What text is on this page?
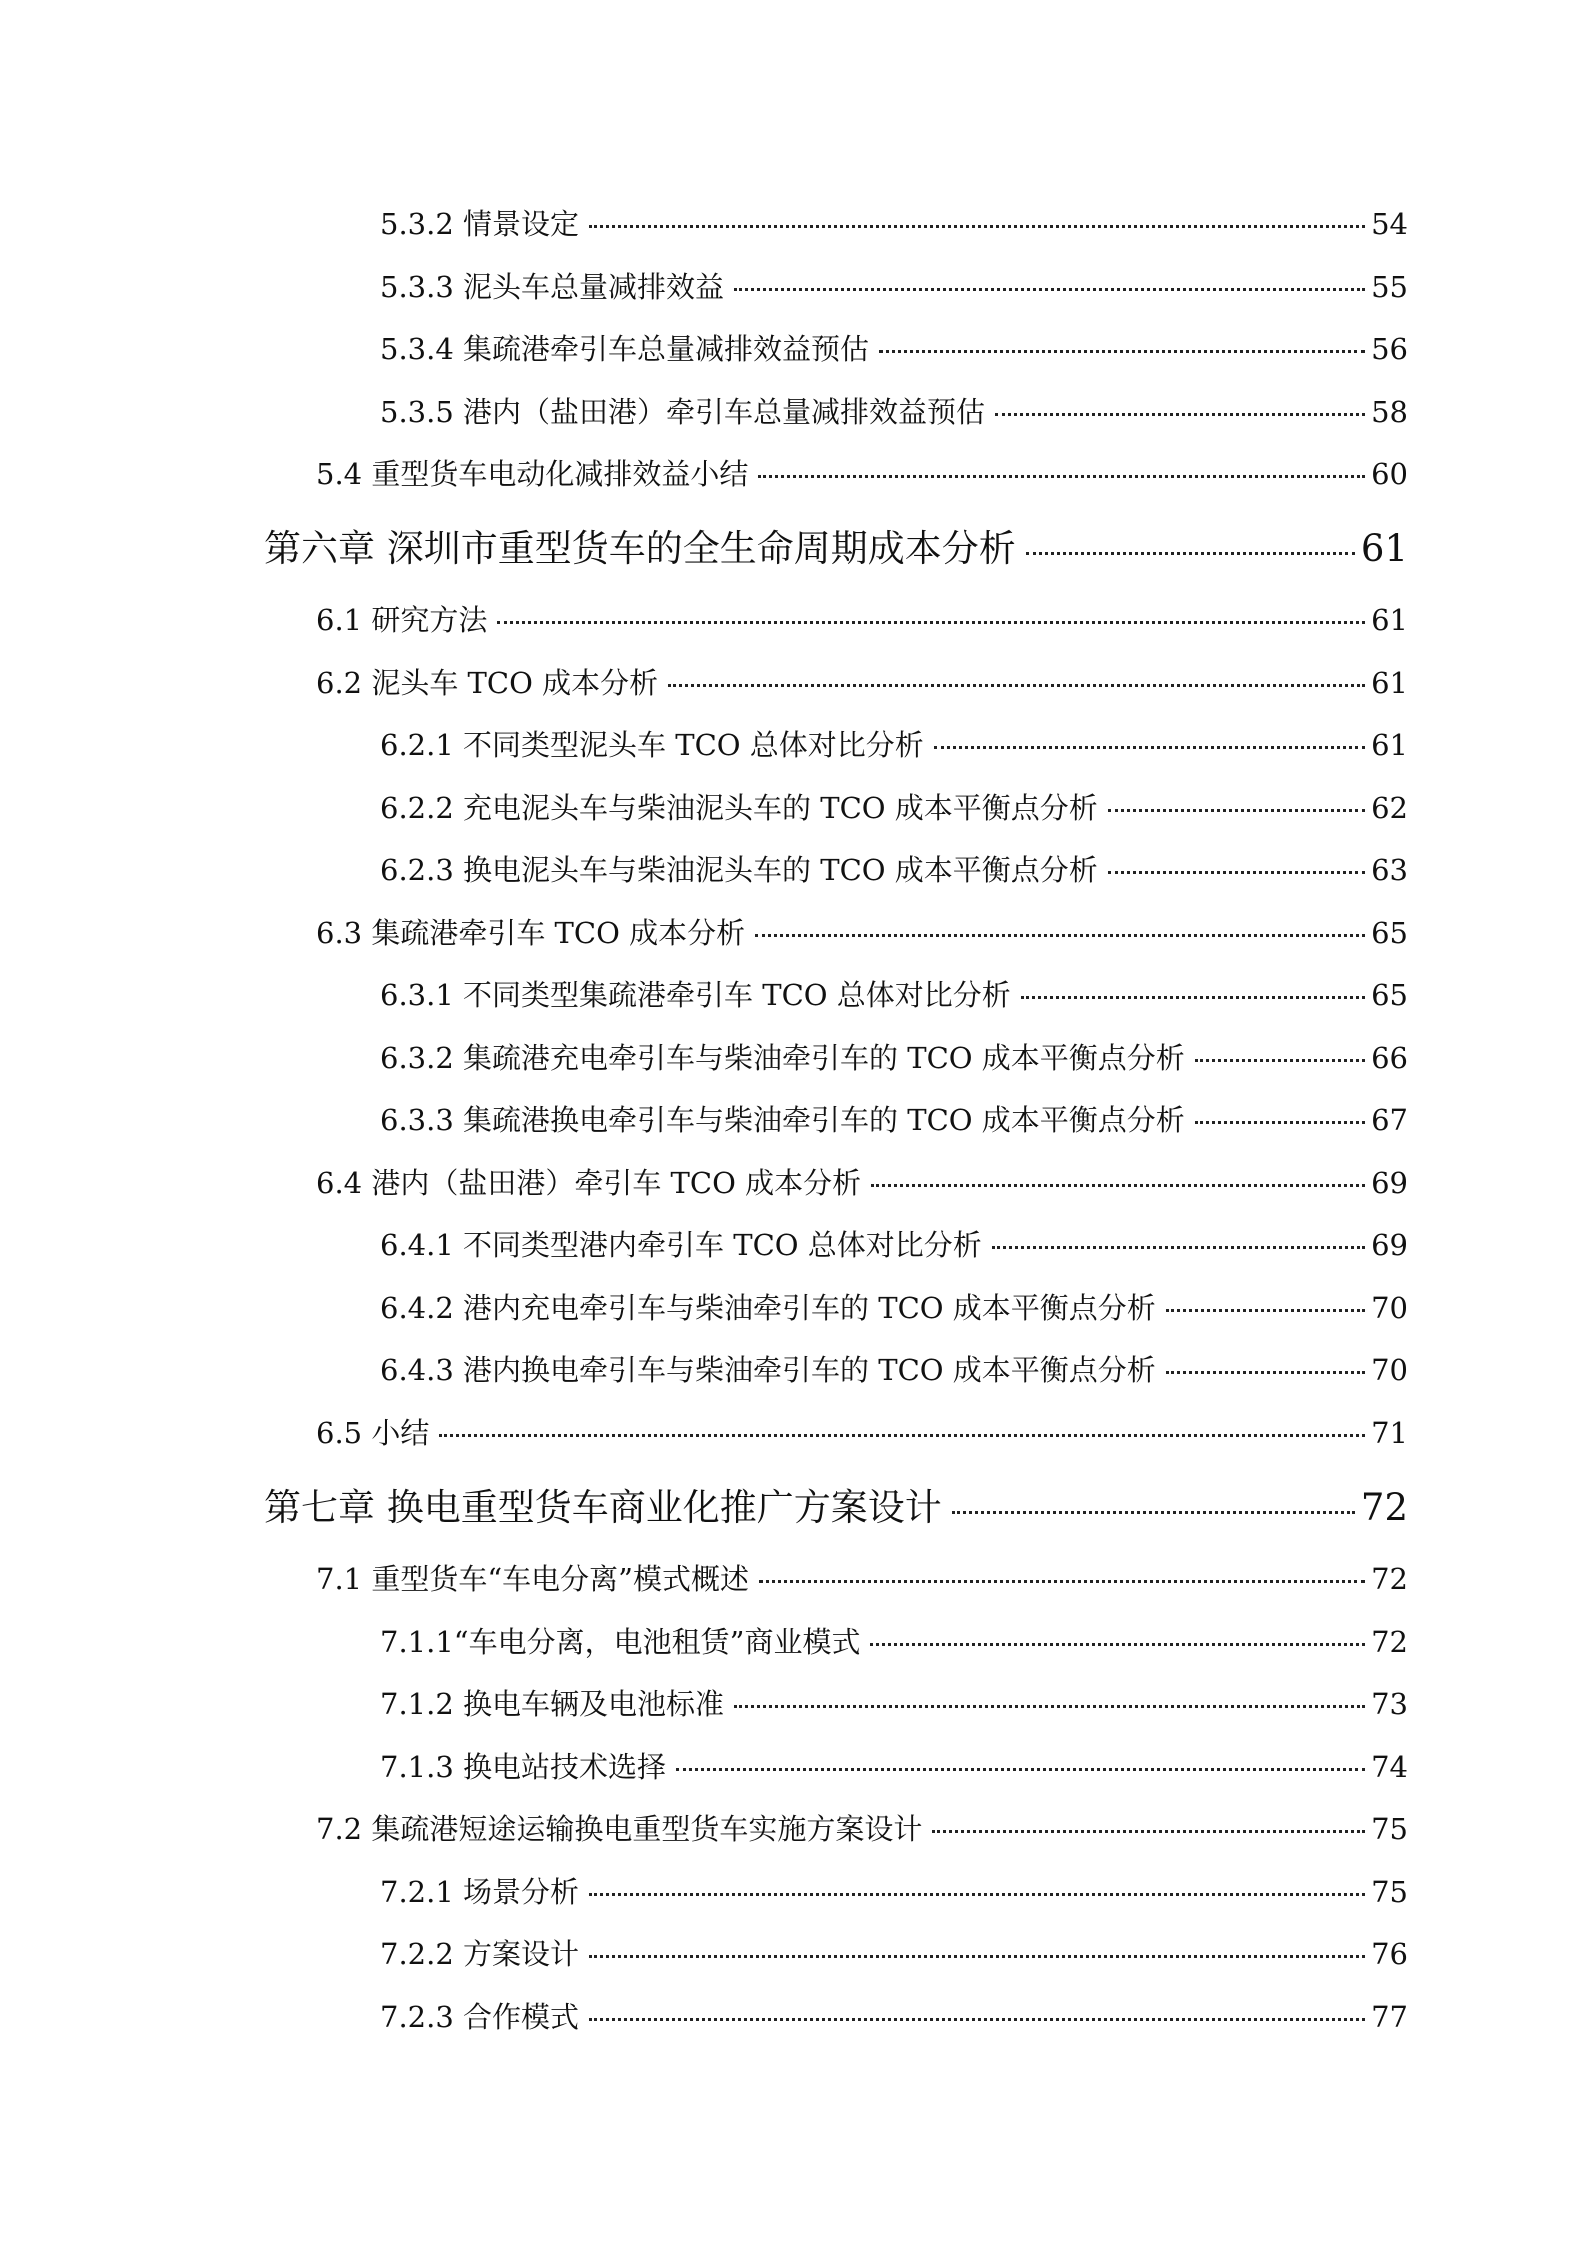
5.3.2 情景设定	54
5.3.3 泥头车总量减排效益	55
5.3.4 集疏港牵引车总量减排效益预估	56
5.3.5 港内（盐田港）牵引车总量减排效益预估	58
5.4 重型货车电动化减排效益小结	60
第六章 深圳市重型货车的全生命周期成本分析	61
6.1 研究方法	61
6.2 泥头车 TCO 成本分析	61
6.2.1 不同类型泥头车 TCO 总体对比分析	61
6.2.2 充电泥头车与柴油泥头车的 TCO 成本平衡点分析	62
6.2.3 换电泥头车与柴油泥头车的 TCO 成本平衡点分析	63
6.3 集疏港牵引车 TCO 成本分析	65
6.3.1 不同类型集疏港牵引车 TCO 总体对比分析	65
6.3.2 集疏港充电牵引车与柴油牵引车的 TCO 成本平衡点分析	66
6.3.3 集疏港换电牵引车与柴油牵引车的 TCO 成本平衡点分析	67
6.4 港内（盐田港）牵引车 TCO 成本分析	69
6.4.1 不同类型港内牵引车 TCO 总体对比分析	69
6.4.2 港内充电牵引车与柴油牵引车的 TCO 成本平衡点分析	70
6.4.3 港内换电牵引车与柴油牵引车的 TCO 成本平衡点分析	70
6.5 小结	71
第七章 换电重型货车商业化推广方案设计	72
7.1 重型货车“车电分离”模式概述	72
7.1.1“车电分离，电池租赁”商业模式	72
7.1.2 换电车辆及电池标准	73
7.1.3 换电站技术选择	74
7.2 集疏港短途运输换电重型货车实施方案设计	75
7.2.1 场景分析	75
7.2.2 方案设计	76
7.2.3 合作模式	77
